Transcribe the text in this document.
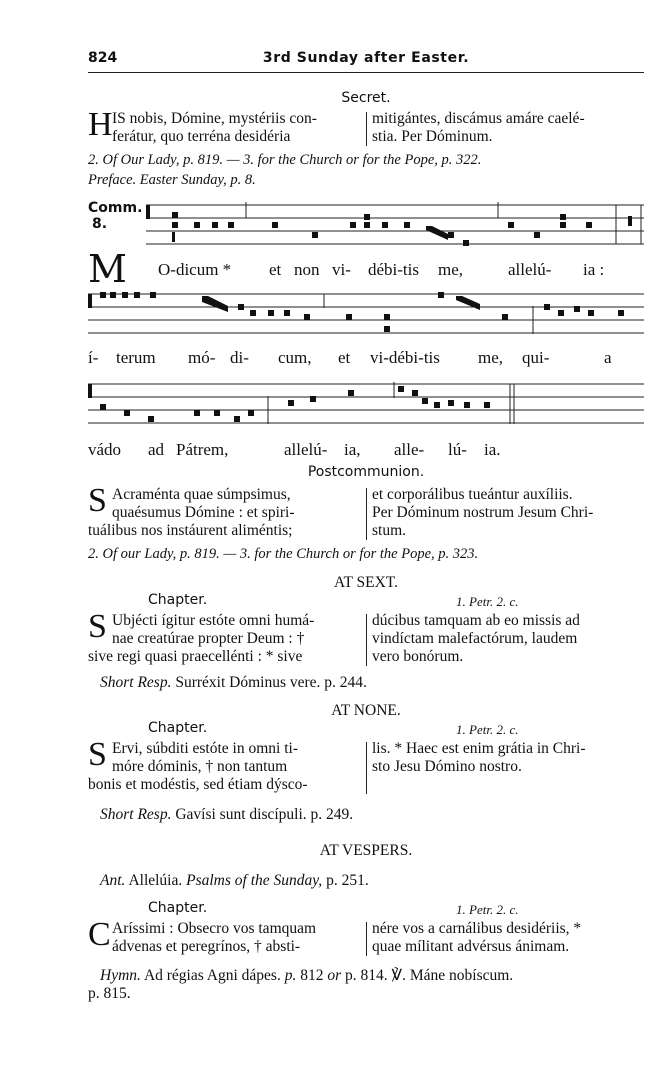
824	3rd Sunday after Easter.
Secret.
H IS nobis, Dómine, mystériis con-
ferátur, quo terréna desidéria
mitigántes, discámus amáre caelé-
stia. Per Dóminum.
2. Of Our Lady, p. 819. — 3. for the Church or for the Pope, p. 322.
Preface. Easter Sunday, p. 8.
Comm.
8.
M O-dicum * et non vi- débi-tis me,	allelú- ia :
í- terum mó- di- cum, et vi-débi-tis me, qui-	a
vádo ad Pátrem,	allelú- ia, alle- lú- ia.
Postcommunion.
S Acraménta quae súmpsimus,
quaésumus Dómine : et spiri-
tuálibus nos instáurent aliméntis;
et corporálibus tueántur auxíliis.
Per Dóminum nostrum Jesum Chri-
stum.
2. Of our Lady, p. 819. — 3. for the Church or for the Pope, p. 323.
AT SEXT.
Chapter.	1. Petr. 2. c.
S Ubjécti ígitur estóte omni humá-
nae creatúrae propter Deum : †
sive regi quasi praecellénti : * sive
dúcibus tamquam ab eo missis ad
vindíctam malefactórum, laudem
vero bonórum.
Short Resp. Surréxit Dóminus vere. p. 244.
AT NONE.
Chapter.	1. Petr. 2. c.
S Ervi, súbditi estóte in omni ti-
móre dóminis, † non tantum
bonis et modéstis, sed étiam dýsco-
lis. * Haec est enim grátia in Chri-
sto Jesu Dómino nostro.
Short Resp. Gavísi sunt discípuli. p. 249.
AT VESPERS.
Ant. Allelúia. Psalms of the Sunday, p. 251.
Chapter.	1. Petr. 2. c.
C Aríssimi : Obsecro vos tamquam
ádvenas et peregrínos, † absti-
nére vos a carnálibus desidériis, *
quae mílitant advérsus ánimam.
Hymn. Ad régias Agni dápes. p. 812 or p. 814. ℣. Máne nobíscum.
p. 815.
